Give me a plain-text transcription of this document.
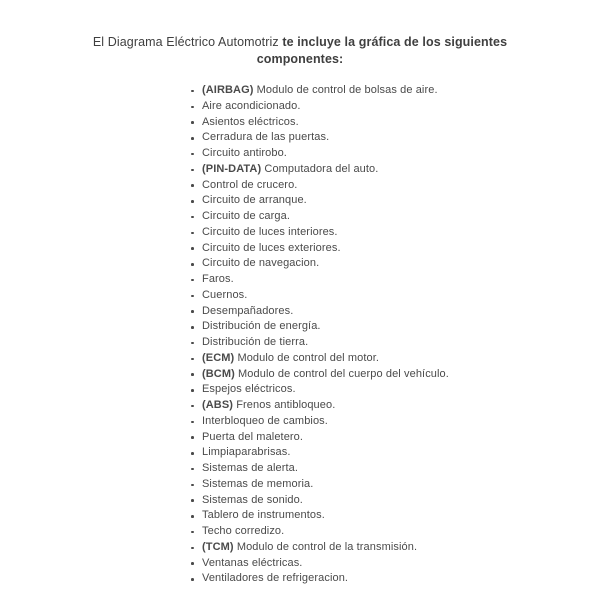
El Diagrama Eléctrico Automotriz te incluye la gráfica de los siguientes componentes:
(AIRBAG) Modulo de control de bolsas de aire.
Aire acondicionado.
Asientos eléctricos.
Cerradura de las puertas.
Circuito antirobo.
(PIN-DATA) Computadora del auto.
Control de crucero.
Circuito de arranque.
Circuito de carga.
Circuito de luces interiores.
Circuito de luces exteriores.
Circuito de navegacion.
Faros.
Cuernos.
Desempañadores.
Distribución de energía.
Distribución de tierra.
(ECM) Modulo de control del motor.
(BCM) Modulo de control del cuerpo del vehículo.
Espejos eléctricos.
(ABS) Frenos antibloqueo.
Interbloqueo de cambios.
Puerta del maletero.
Limpiaparabrisas.
Sistemas de alerta.
Sistemas de memoria.
Sistemas de sonido.
Tablero de instrumentos.
Techo corredizo.
(TCM) Modulo de control de la transmisión.
Ventanas eléctricas.
Ventiladores de refrigeracion.
